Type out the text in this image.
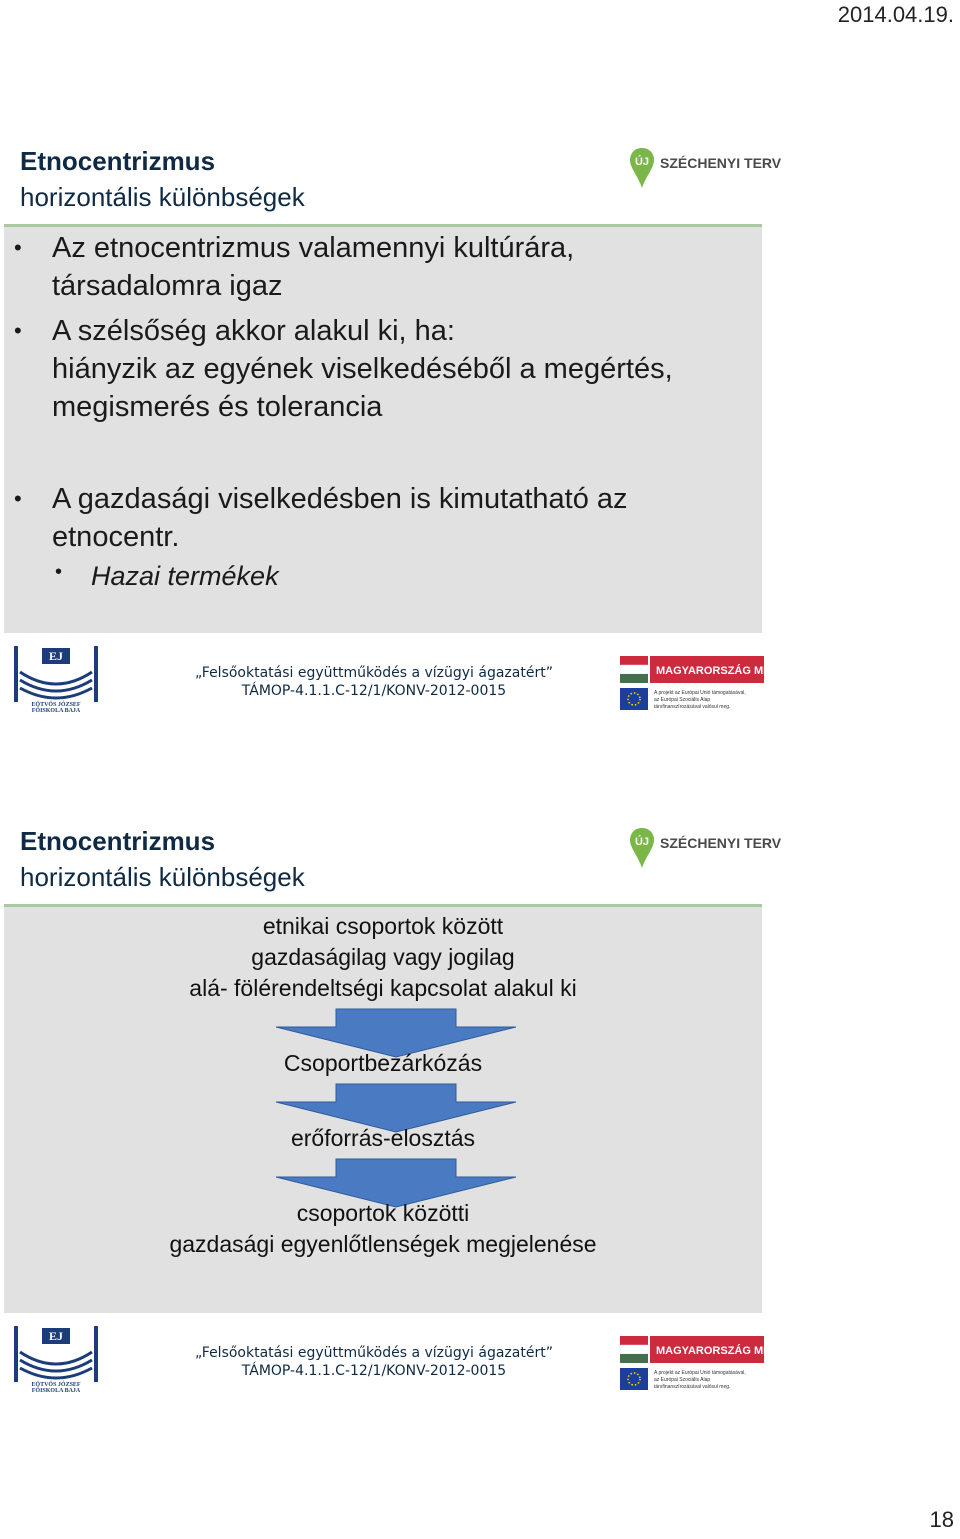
2014.04.19.
Etnocentrizmus
horizontális különbségek
ÚJ SZÉCHENYI TERV
• Az etnocentrizmus valamennyi kultúrára,
társadalomra igaz
• A szélsőség akkor alakul ki, ha:
hiányzik az egyének viselkedéséből a megértés,
megismerés és tolerancia
• A gazdasági viselkedésben is kimutatható az
etnocentr.
• Hazai termékek
EJ
EÖTVÖS JÓZSEF
FŐISKOLA BAJA
„Felsőoktatási együttműködés a vízügyi ágazatért”
TÁMOP-4.1.1.C-12/1/KONV-2012-0015
MAGYARORSZÁG MEGÚJUL
A projekt az Európai Unió támogatásával,
az Európai Szociális Alap
társfinanszírozásával valósul meg.
Etnocentrizmus
horizontális különbségek
ÚJ SZÉCHENYI TERV
etnikai csoportok között
gazdaságilag vagy jogilag
alá- fölérendeltségi kapcsolat alakul ki
Csoportbezárkózás
erőforrás-elosztás
csoportok közötti
gazdasági egyenlőtlenségek megjelenése
EJ
EÖTVÖS JÓZSEF
FŐISKOLA BAJA
„Felsőoktatási együttműködés a vízügyi ágazatért”
TÁMOP-4.1.1.C-12/1/KONV-2012-0015
MAGYARORSZÁG MEGÚJUL
A projekt az Európai Unió támogatásával,
az Európai Szociális Alap
társfinanszírozásával valósul meg.
18
